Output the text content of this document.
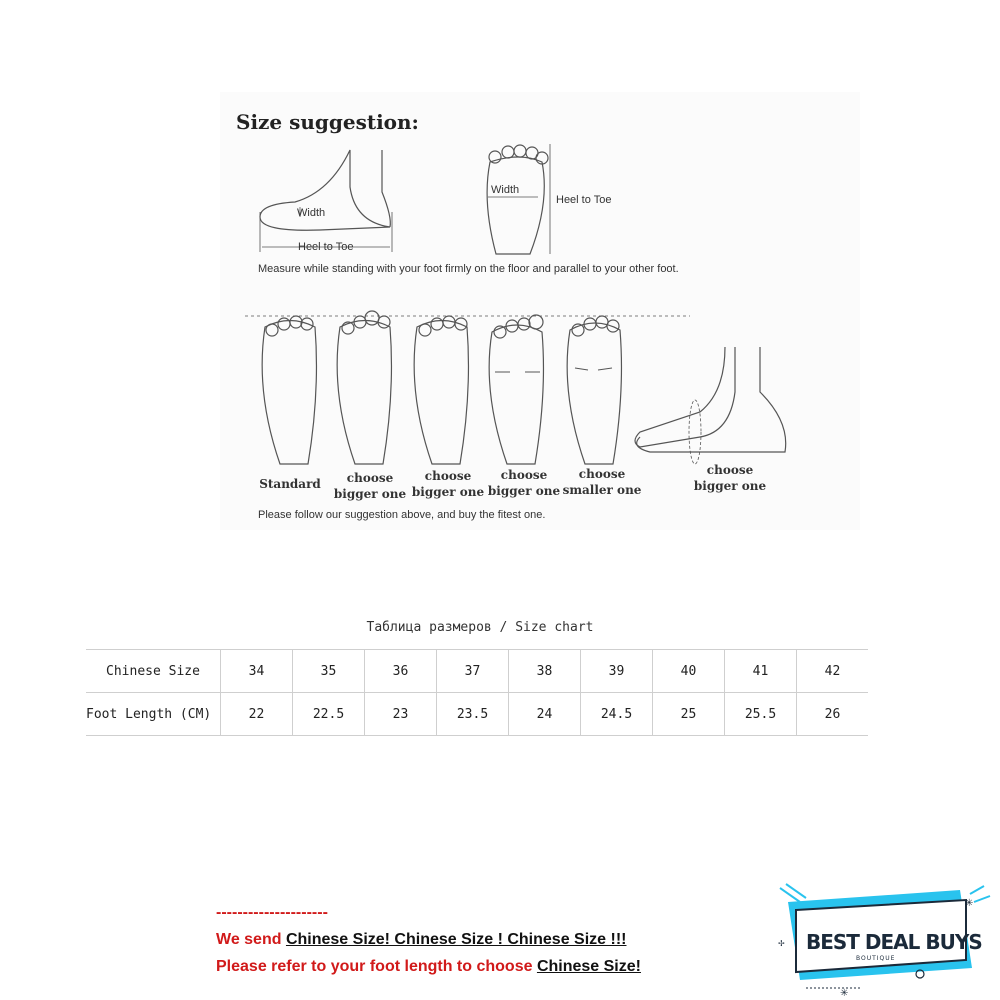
Size suggestion:
Width
Heel to Toe
Width
Heel to Toe
Measure while standing with your foot firmly on the floor and parallel to your other foot.
Standard	choose
bigger one
choose
bigger one
choose
bigger one
choose
smaller one
choose
bigger one
Please follow our suggestion above, and buy the fitest one.
Таблица размеров / Size chart
Chinese Size	34	35	36	37	38	39	40	41	42
Foot Length (CM)	22	22.5	23	23.5	24	24.5	25	25.5	26
---------------------
We send Chinese Size! Chinese Size ! Chinese Size !!!
Please refer to your foot length to choose Chinese Size!
✢
✳
✳
BEST DEAL BUYS
BOUTIQUE
